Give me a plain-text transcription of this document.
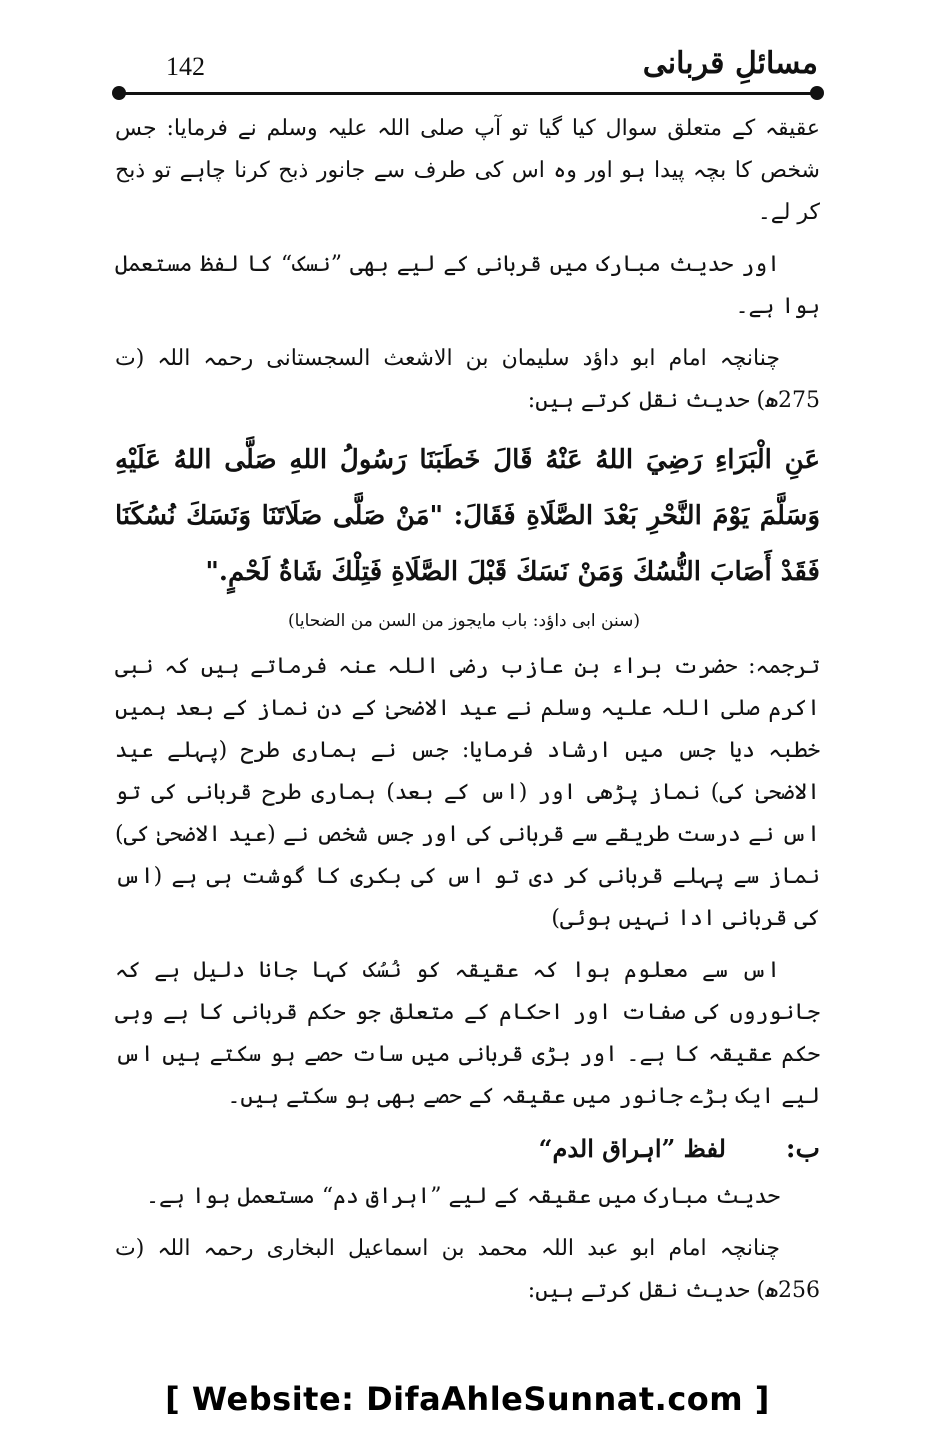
142	مسائلِ قربانی

عقیقہ کے متعلق سوال کیا گیا تو آپ صلی اللہ علیہ وسلم نے فرمایا: جس شخص کا بچہ پیدا ہو اور وہ اس کی طرف سے جانور ذبح کرنا چاہے تو ذبح کر لے۔

اور حدیث مبارک میں قربانی کے لیے بھی ”نسک“ کا لفظ مستعمل ہوا ہے۔

چنانچہ امام ابو داؤد سلیمان بن الاشعث السجستانی رحمہ اللہ (ت 275ھ) حدیث نقل کرتے ہیں:

عَنِ الْبَرَاءِ رَضِيَ اللهُ عَنْهُ قَالَ خَطَبَنَا رَسُولُ اللهِ صَلَّى اللهُ عَلَيْهِ وَسَلَّمَ يَوْمَ النَّحْرِ بَعْدَ الصَّلَاةِ فَقَالَ: "مَنْ صَلَّى صَلَاتَنَا وَنَسَكَ نُسُكَنَا فَقَدْ أَصَابَ النُّسُكَ وَمَنْ نَسَكَ قَبْلَ الصَّلَاةِ فَتِلْكَ شَاةُ لَحْمٍ."

(سنن ابی داؤد: باب مایجوز من السن من الضحایا)

ترجمہ: حضرت براء بن عازب رضی اللہ عنہ فرماتے ہیں کہ نبی اکرم صلی اللہ علیہ وسلم نے عید الاضحیٰ کے دن نماز کے بعد ہمیں خطبہ دیا جس میں ارشاد فرمایا: جس نے ہماری طرح (پہلے عید الاضحیٰ کی) نماز پڑھی اور (اس کے بعد) ہماری طرح قربانی کی تو اس نے درست طریقے سے قربانی کی اور جس شخص نے (عید الاضحیٰ کی) نماز سے پہلے قربانی کر دی تو اس کی بکری کا گوشت ہی ہے (اس کی قربانی ادا نہیں ہوئی)

اس سے معلوم ہوا کہ عقیقہ کو نُسُک کہا جانا دلیل ہے کہ جانوروں کی صفات اور احکام کے متعلق جو حکم قربانی کا ہے وہی حکم عقیقہ کا ہے۔ اور بڑی قربانی میں سات حصے ہو سکتے ہیں اس لیے ایک بڑے جانور میں عقیقہ کے حصے بھی ہو سکتے ہیں۔

ب:
لفظ ”اہراق الدم“

حدیث مبارک میں عقیقہ کے لیے ”اہراق دم“ مستعمل ہوا ہے۔

چنانچہ امام ابو عبد اللہ محمد بن اسماعیل البخاری رحمہ اللہ (ت 256ھ) حدیث نقل کرتے ہیں:

[ Website: DifaAhleSunnat.com ]
